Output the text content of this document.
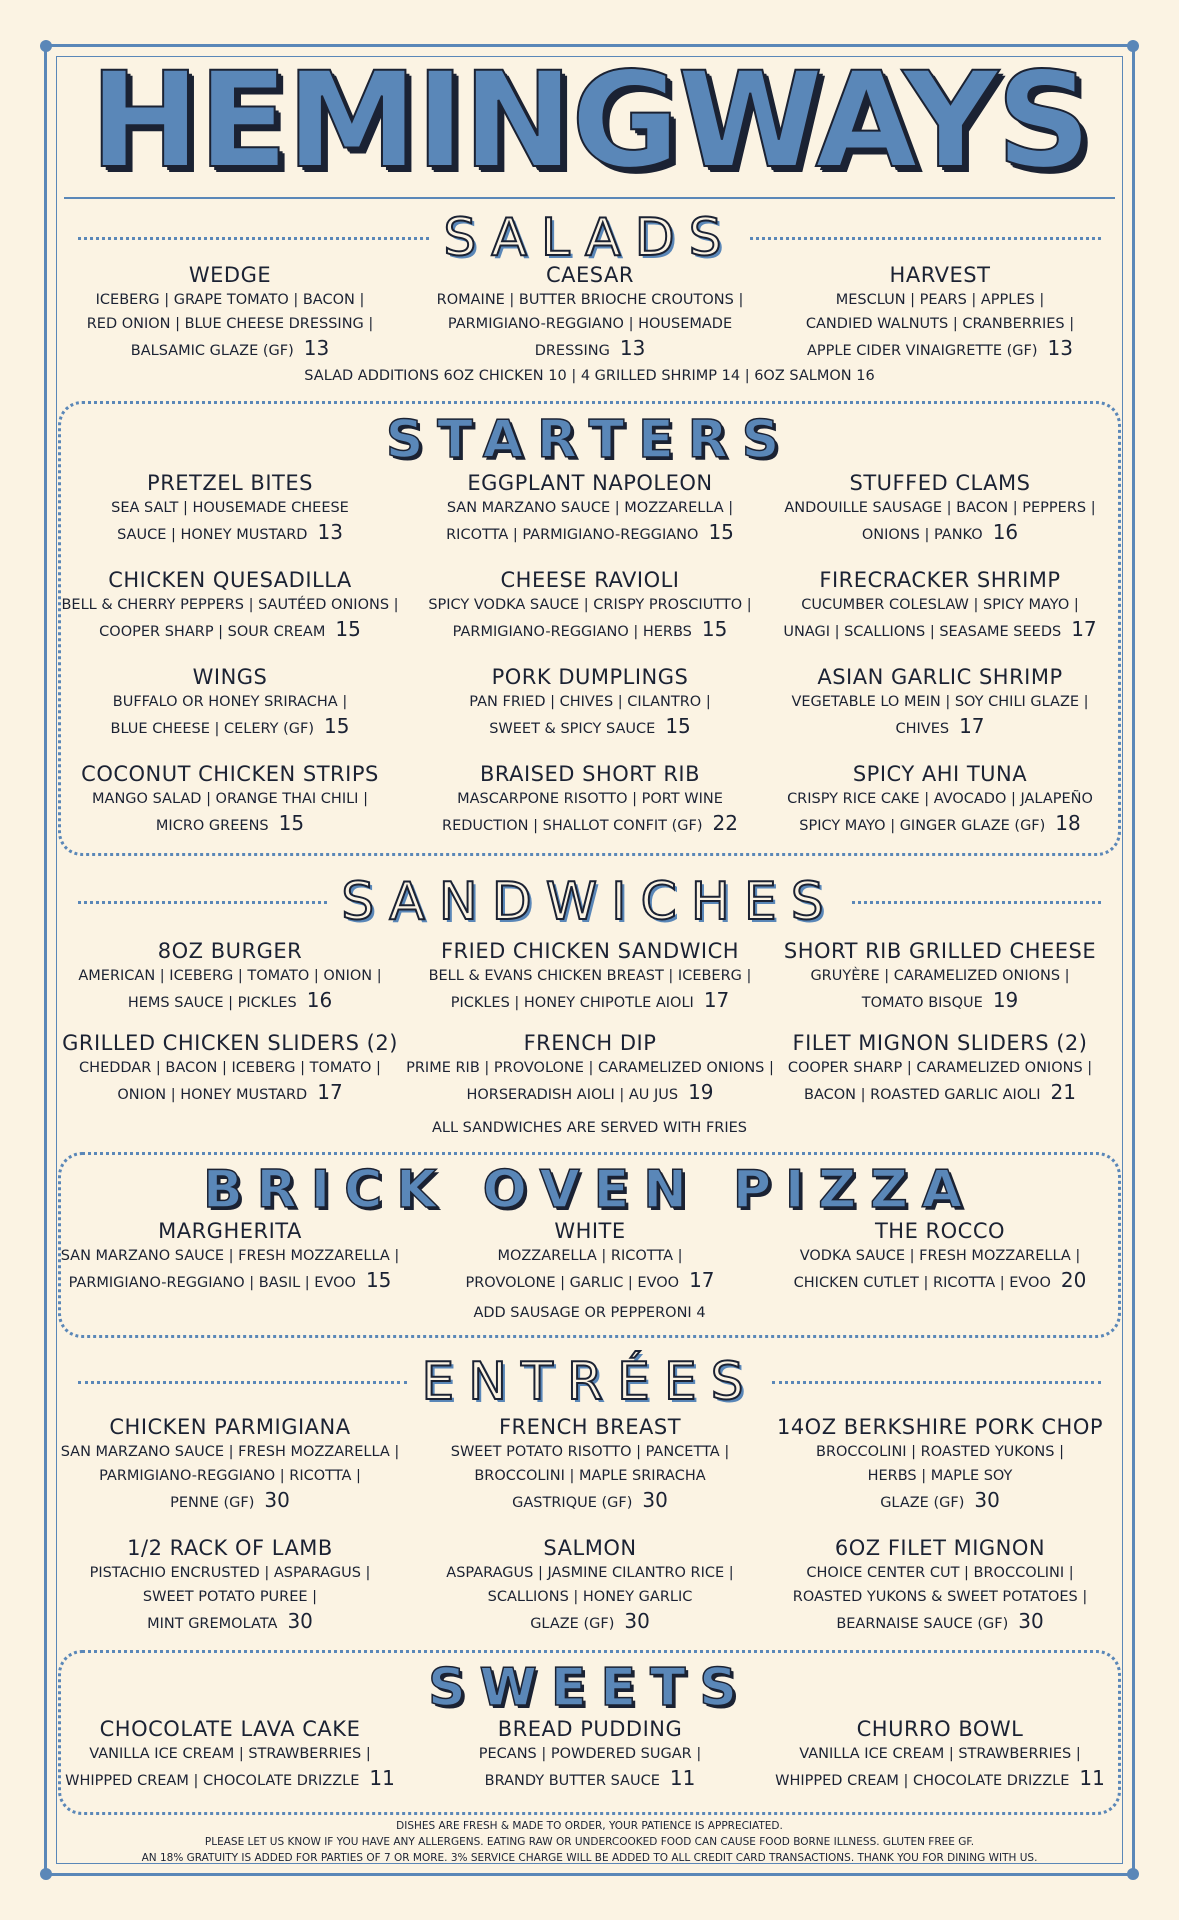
HEMINGWAYS
SALADS
WEDGE
ICEBERG | GRAPE TOMATO | BACON |
RED ONION | BLUE CHEESE DRESSING |
BALSAMIC GLAZE (GF) 13
CAESAR
ROMAINE | BUTTER BRIOCHE CROUTONS |
PARMIGIANO-REGGIANO | HOUSEMADE
DRESSING 13
HARVEST
MESCLUN | PEARS | APPLES |
CANDIED WALNUTS | CRANBERRIES |
APPLE CIDER VINAIGRETTE (GF) 13
SALAD ADDITIONS 6OZ CHICKEN 10 | 4 GRILLED SHRIMP 14 | 6OZ SALMON 16
STARTERS
PRETZEL BITES
SEA SALT | HOUSEMADE CHEESE
SAUCE | HONEY MUSTARD 13
EGGPLANT NAPOLEON
SAN MARZANO SAUCE | MOZZARELLA |
RICOTTA | PARMIGIANO-REGGIANO 15
STUFFED CLAMS
ANDOUILLE SAUSAGE | BACON | PEPPERS |
ONIONS | PANKO 16
CHICKEN QUESADILLA
BELL & CHERRY PEPPERS | SAUTÉED ONIONS |
COOPER SHARP | SOUR CREAM 15
CHEESE RAVIOLI
SPICY VODKA SAUCE | CRISPY PROSCIUTTO |
PARMIGIANO-REGGIANO | HERBS 15
FIRECRACKER SHRIMP
CUCUMBER COLESLAW | SPICY MAYO |
UNAGI | SCALLIONS | SEASAME SEEDS 17
WINGS
BUFFALO OR HONEY SRIRACHA |
BLUE CHEESE | CELERY (GF) 15
PORK DUMPLINGS
PAN FRIED | CHIVES | CILANTRO |
SWEET & SPICY SAUCE 15
ASIAN GARLIC SHRIMP
VEGETABLE LO MEIN | SOY CHILI GLAZE |
CHIVES 17
COCONUT CHICKEN STRIPS
MANGO SALAD | ORANGE THAI CHILI |
MICRO GREENS 15
BRAISED SHORT RIB
MASCARPONE RISOTTO | PORT WINE
REDUCTION | SHALLOT CONFIT (GF) 22
SPICY AHI TUNA
CRISPY RICE CAKE | AVOCADO | JALAPEÑO
SPICY MAYO | GINGER GLAZE (GF) 18
SANDWICHES
8OZ BURGER
AMERICAN | ICEBERG | TOMATO | ONION |
HEMS SAUCE | PICKLES 16
FRIED CHICKEN SANDWICH
BELL & EVANS CHICKEN BREAST | ICEBERG |
PICKLES | HONEY CHIPOTLE AIOLI 17
SHORT RIB GRILLED CHEESE
GRUYÈRE | CARAMELIZED ONIONS |
TOMATO BISQUE 19
GRILLED CHICKEN SLIDERS (2)
CHEDDAR | BACON | ICEBERG | TOMATO |
ONION | HONEY MUSTARD 17
FRENCH DIP
PRIME RIB | PROVOLONE | CARAMELIZED ONIONS |
HORSERADISH AIOLI | AU JUS 19
FILET MIGNON SLIDERS (2)
COOPER SHARP | CARAMELIZED ONIONS |
BACON | ROASTED GARLIC AIOLI 21
ALL SANDWICHES ARE SERVED WITH FRIES
BRICK OVEN PIZZA
MARGHERITA
SAN MARZANO SAUCE | FRESH MOZZARELLA |
PARMIGIANO-REGGIANO | BASIL | EVOO 15
WHITE
MOZZARELLA | RICOTTA |
PROVOLONE | GARLIC | EVOO 17
THE ROCCO
VODKA SAUCE | FRESH MOZZARELLA |
CHICKEN CUTLET | RICOTTA | EVOO 20
ADD SAUSAGE OR PEPPERONI 4
ENTRÉES
CHICKEN PARMIGIANA
SAN MARZANO SAUCE | FRESH MOZZARELLA |
PARMIGIANO-REGGIANO | RICOTTA |
PENNE (GF) 30
FRENCH BREAST
SWEET POTATO RISOTTO | PANCETTA |
BROCCOLINI | MAPLE SRIRACHA
GASTRIQUE (GF) 30
14OZ BERKSHIRE PORK CHOP
BROCCOLINI | ROASTED YUKONS |
HERBS | MAPLE SOY
GLAZE (GF) 30
1/2 RACK OF LAMB
PISTACHIO ENCRUSTED | ASPARAGUS |
SWEET POTATO PUREE |
MINT GREMOLATA 30
SALMON
ASPARAGUS | JASMINE CILANTRO RICE |
SCALLIONS | HONEY GARLIC
GLAZE (GF) 30
6OZ FILET MIGNON
CHOICE CENTER CUT | BROCCOLINI |
ROASTED YUKONS & SWEET POTATOES |
BEARNAISE SAUCE (GF) 30
SWEETS
CHOCOLATE LAVA CAKE
VANILLA ICE CREAM | STRAWBERRIES |
WHIPPED CREAM | CHOCOLATE DRIZZLE 11
BREAD PUDDING
PECANS | POWDERED SUGAR |
BRANDY BUTTER SAUCE 11
CHURRO BOWL
VANILLA ICE CREAM | STRAWBERRIES |
WHIPPED CREAM | CHOCOLATE DRIZZLE 11
DISHES ARE FRESH & MADE TO ORDER, YOUR PATIENCE IS APPRECIATED.
PLEASE LET US KNOW IF YOU HAVE ANY ALLERGENS. EATING RAW OR UNDERCOOKED FOOD CAN CAUSE FOOD BORNE ILLNESS. GLUTEN FREE GF.
AN 18% GRATUITY IS ADDED FOR PARTIES OF 7 OR MORE. 3% SERVICE CHARGE WILL BE ADDED TO ALL CREDIT CARD TRANSACTIONS. THANK YOU FOR DINING WITH US.
